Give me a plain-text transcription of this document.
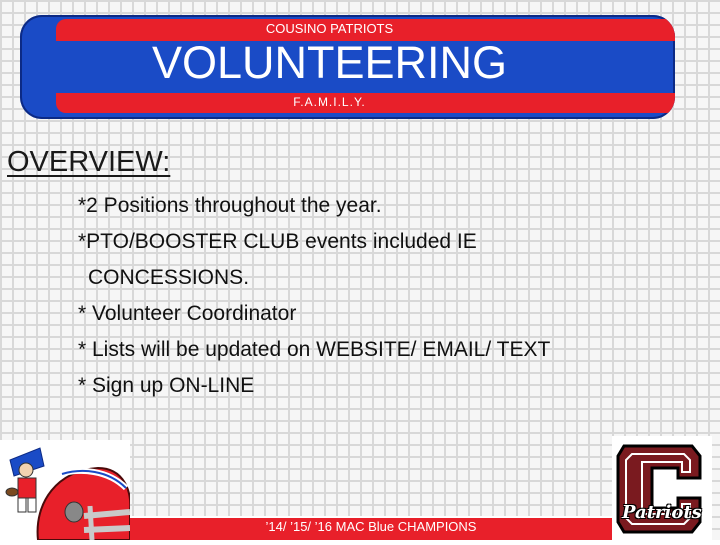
COUSINO PATRIOTS
VOLUNTEERING
F.A.M.I.L.Y.
OVERVIEW:
*2 Positions throughout the year.
*PTO/BOOSTER CLUB events included IE
CONCESSIONS.
* Volunteer Coordinator
* Lists will be updated on WEBSITE/ EMAIL/ TEXT
* Sign up ON-LINE
Patriots
’14/ ’15/ ’16 MAC Blue CHAMPIONS
